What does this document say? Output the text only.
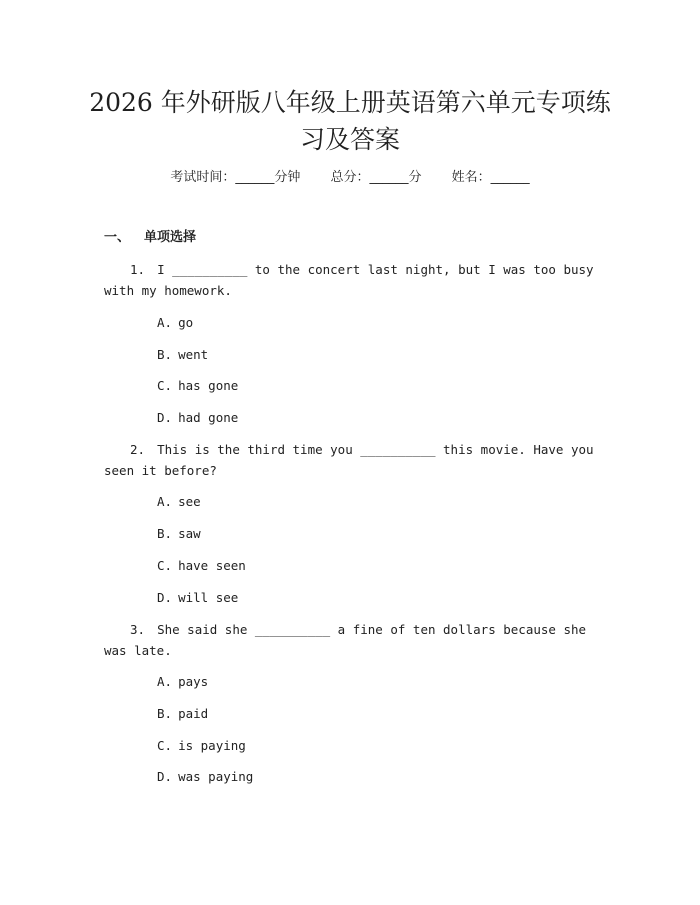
2026 年外研版八年级上册英语第六单元专项练习及答案
考试时间：______分钟 总分：______分 姓名：______
一、 单项选择
1. I __________ to the concert last night, but I was too busy with my homework.
A. go
B. went
C. has gone
D. had gone
2. This is the third time you __________ this movie. Have you seen it before?
A. see
B. saw
C. have seen
D. will see
3. She said she __________ a fine of ten dollars because she was late.
A. pays
B. paid
C. is paying
D. was paying
